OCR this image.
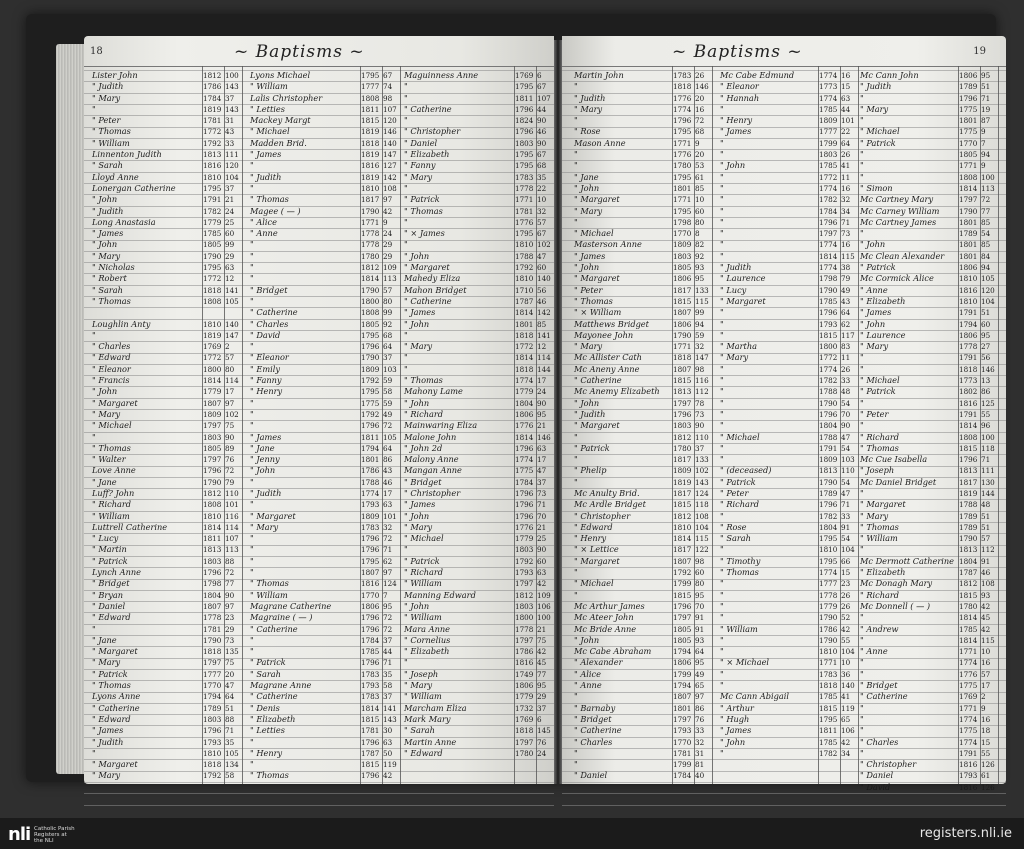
18	~ Baptisms ~
Lister John	1812 100
" Judith	1786 143
" Mary	1784 37
"	1819 143
" Peter	1781 31
" Thomas	1772 43
" William	1792 33
Linnenton Judith	1813 111
" Sarah	1816 120
Lloyd Anne	1810 104
Lonergan Catherine	1795 37
" John	1791 21
" Judith	1782 24
Long Anastasia	1779 25
" James	1785 60
" John	1805 99
" Mary	1790 29
" Nicholas	1795 63
" Robert	1772 12
" Sarah	1818 141
" Thomas	1808 105
Loughlin Anty	1810 140
"	1819 147
" Charles	1769 2
" Edward	1772 57
" Eleanor	1800 80
" Francis	1814 114
" John	1779 17
" Margaret	1807 97
" Mary	1809 102
" Michael	1797 75
"	1803 90
" Thomas	1805 89
" Walter	1797 76
Love Anne	1796 72
" Jane	1790 79
Luff? John	1812 110
" Richard	1808 101
" William	1810 116
Luttrell Catherine	1814 114
" Lucy	1811 107
" Martin	1813 113
" Patrick	1803 88
Lynch Anne	1796 72
" Bridget	1798 77
" Bryan	1804 90
" Daniel	1807 97
" Edward	1778 23
"	1781 29
" Jane	1790 73
" Margaret	1818 135
" Mary	1797 75
" Patrick	1777 20
" Thomas	1770 47
Lyons Anne	1794 64
" Catherine	1789 51
" Edward	1803 88
" James	1796 71
" Judith	1793 35
"	1810 105
" Margaret	1818 134
" Mary	1792 58
Lyons Michael	1795 67
" William	1777 74
Lalis Christopher	1808 98
" Letties	1811 107
Mackey Margt	1815 120
" Michael	1819 146
Madden Brid.	1818 140
" James	1819 147
"	1816 127
" Judith	1819 142
"	1810 108
" Thomas	1817 97
Magee ( — )	1790 42
" Alice	1771 9
" Anne	1778 24
"	1778 29
"	1780 29
"	1812 109
"	1814 113
" Bridget	1790 57
"	1800 80
" Catherine	1808 99
" Charles	1805 92
" David	1795 68
"	1796 64
" Eleanor	1790 37
" Emily	1809 103
" Fanny	1792 59
" Henry	1795 58
"	1775 59
"	1792 49
"	1796 72
" James	1811 105
" Jane	1794 64
" Jenny	1801 86
" John	1786 43
"	1788 46
" Judith	1774 17
"	1793 63
" Margaret	1809 101
" Mary	1783 32
"	1796 72
"	1796 71
"	1795 62
"	1807 97
" Thomas	1816 124
" William	1770 7
Magrane Catherine	1806 95
Magraine ( — )	1796 72
" Catherine	1796 72
"	1784 37
"	1785 44
" Patrick	1796 71
" Sarah	1783 35
Magrane Anne	1793 58
" Catherine	1783 37
" Denis	1814 141
" Elizabeth	1815 143
" Letties	1781 30
"	1796 63
" Henry	1787 50
"	1815 119
" Thomas	1796 42
Maguinness Anne	1769 6
"	1795 67
"	1811 107
" Catherine	1796 44
"	1824 90
" Christopher	1796 46
" Daniel	1803 90
" Elizabeth	1795 67
" Fanny	1795 68
" Mary	1783 35
"	1778 22
" Patrick	1771 10
" Thomas	1781 32
"	1776 57
" × James	1795 67
"	1810 102
" John	1788 47
" Margaret	1792 60
Mahedy Eliza	1810 140
Mahon Bridget	1710 56
" Catherine	1787 46
" James	1814 142
" John	1801 85
"	1818 141
" Mary	1772 12
"	1814 114
"	1818 144
" Thomas	1774 17
Mahony Lame	1779 24
" John	1804 90
" Richard	1806 95
Mainwaring Eliza	1776 21
Malone John	1814 146
" John 2d	1796 63
Malony Anne	1774 17
Mangan Anne	1775 47
" Bridget	1784 37
" Christopher	1796 73
" James	1796 71
" John	1796 70
" Mary	1776 21
" Michael	1779 25
"	1803 90
" Patrick	1792 60
" Richard	1793 63
" William	1797 42
Manning Edward	1812 109
" John	1803 106
" William	1800 100
Mara Anne	1778 21
" Cornelius	1797 75
" Elizabeth	1786 42
"	1816 45
" Joseph	1749 77
" Mary	1806 95
" William	1779 29
Marcham Eliza	1732 37
Mark Mary	1769 6
" Sarah	1818 145
Martin Anne	1797 76
" Edward	1780 24
19
~ Baptisms ~
Martin John	1783 26
"	1818 146
" Judith	1776 20
" Mary	1774 16
"	1796 72
" Rose	1795 68
Mason Anne	1771 9
"	1776 20
"	1780 53
" Jane	1795 61
" John	1801 85
" Margaret	1771 10
" Mary	1795 60
"	1798 80
" Michael	1770 8
Masterson Anne	1809 82
" James	1803 92
" John	1805 93
" Margaret	1806 95
" Peter	1817 133
" Thomas	1815 115
" × William	1807 99
Matthews Bridget	1806 94
Mayonee John	1790 59
" Mary	1771 32
Mc Allister Cath	1818 147
Mc Aneny Anne	1807 98
" Catherine	1815 116
Mc Anemy Elizabeth	1813 112
" John	1797 78
" Judith	1796 73
" Margaret	1803 90
"	1812 110
" Patrick	1780 37
"	1817 133
" Phelip	1809 102
"	1819 143
Mc Anulty Brid.	1817 124
Mc Ardle Bridget	1815 118
" Christopher	1812 108
" Edward	1810 104
" Henry	1814 115
" × Lettice	1817 122
" Margaret	1807 98
"	1792 60
" Michael	1799 80
"	1815 95
Mc Arthur James	1796 70
Mc Ateer John	1797 91
Mc Bride Anne	1805 91
" John	1805 93
Mc Cabe Abraham	1794 64
" Alexander	1806 95
" Alice	1799 49
" Anne	1794 65
"	1807 97
" Barnaby	1801 86
" Bridget	1797 76
" Catherine	1793 33
" Charles	1770 32
"	1781 31
"	1799 81
" Daniel	1784 40
Mc Cabe Edmund	1774 16
" Eleanor	1773 15
" Hannah	1774 63
"	1785 44
" Henry	1809 101
" James	1777 22
"	1799 64
"	1803 26
" John	1785 41
"	1772 11
"	1774 16
"	1782 32
"	1784 34
"	1796 71
"	1797 73
"	1774 16
"	1814 115
" Judith	1774 38
" Laurence	1798 79
" Lucy	1790 49
" Margaret	1785 43
"	1796 64
"	1793 62
"	1815 117
" Martha	1800 83
" Mary	1772 11
"	1774 26
"	1782 33
"	1788 48
"	1790 54
"	1796 70
"	1804 90
" Michael	1788 47
"	1791 54
"	1809 103
" (deceased)	1813 110
" Patrick	1790 54
" Peter	1789 47
" Richard	1796 71
"	1782 33
" Rose	1804 91
" Sarah	1795 54
"	1810 104
" Timothy	1795 66
" Thomas	1774 15
"	1777 23
"	1778 26
"	1779 26
"	1790 52
" William	1786 42
"	1790 55
"	1810 104
" × Michael	1771 10
"	1783 36
"	1818 140
Mc Cann Abigail	1785 41
" Arthur	1815 119
" Hugh	1795 65
" James	1811 106
" John	1785 42
"	1782 34
Mc Cann John	1806 95
" Judith	1789 51
"	1796 71
" Mary	1775 19
"	1801 87
" Michael	1775 9
" Patrick	1770 7
"	1805 94
"	1771 9
"	1808 100
" Simon	1814 113
Mc Cartney Mary	1797 72
Mc Carney William	1790 77
Mc Cartney James	1801 85
"	1789 54
" John	1801 85
Mc Clean Alexander	1801 84
" Patrick	1806 94
Mc Cormick Alice	1810 105
" Anne	1816 120
" Elizabeth	1810 104
" James	1791 51
" John	1794 60
" Laurence	1806 95
" Mary	1778 27
"	1791 56
"	1818 146
" Michael	1773 13
" Patrick	1802 86
"	1816 125
" Peter	1791 55
"	1814 96
" Richard	1808 100
" Thomas	1815 118
Mc Cue Isabella	1796 71
" Joseph	1813 111
Mc Daniel Bridget	1817 130
"	1819 144
" Margaret	1788 48
" Mary	1789 51
" Thomas	1789 51
" William	1790 57
"	1813 112
Mc Dermott Catherine 1804 91
" Elizabeth	1787 46
Mc Donagh Mary	1812 108
" Richard	1815 93
Mc Donnell ( — )	1780 42
"	1814 45
" Andrew	1785 42
"	1814 115
" Anne	1771 10
"	1774 16
"	1776 57
" Bridget	1775 17
" Catherine	1769 2
"	1771 9
"	1774 16
"	1775 18
" Charles	1774 15
"	1791 55
" Christopher	1816 126
" Daniel	1793 61
" David	1816 126
nli Catholic Parish
Registers at
the NLI	registers.nli.ie
